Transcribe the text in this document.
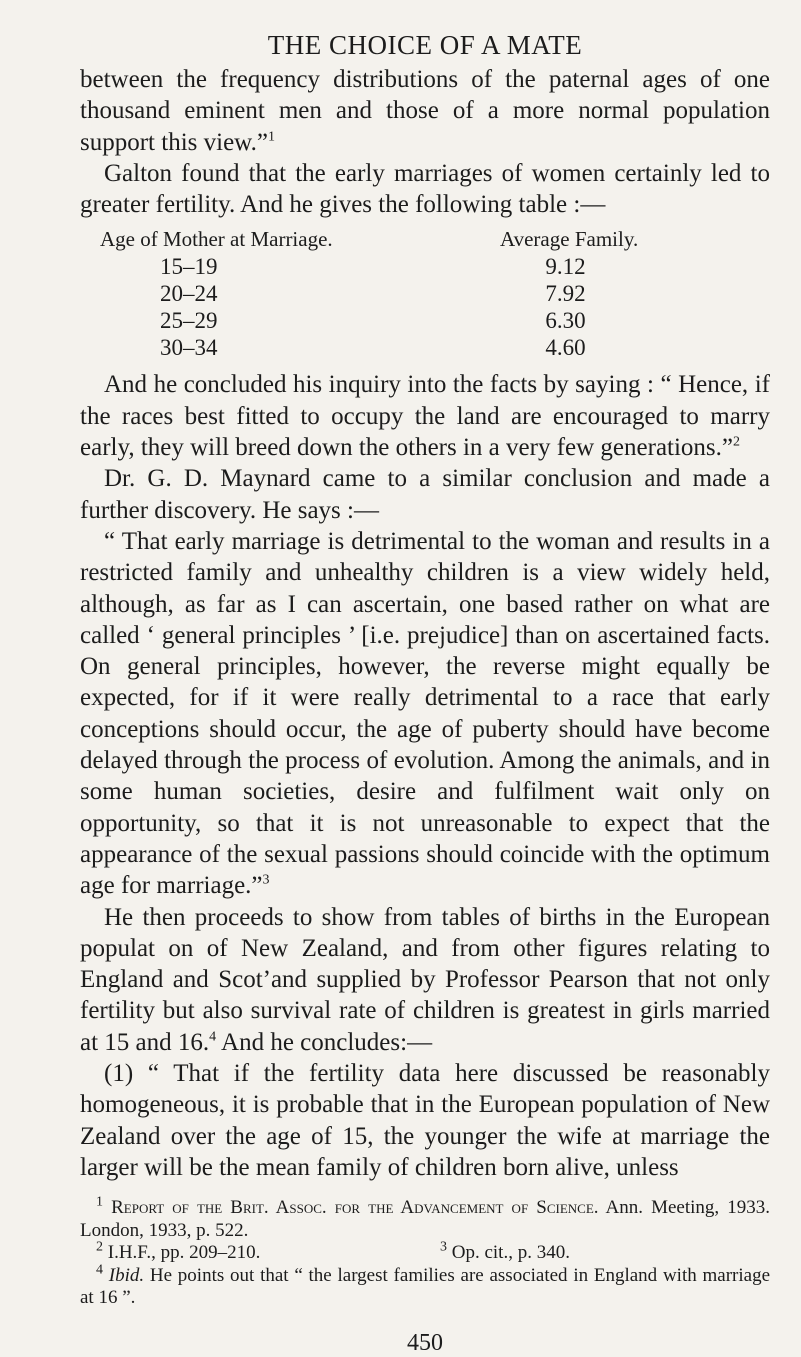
THE CHOICE OF A MATE

between the frequency distributions of the paternal ages of one thousand eminent men and those of a more normal population support this view.”$^1$

Galton found that the early marriages of women certainly led to greater fertility. And he gives the following table :—

Age of Mother at Marriage.	Average Family.
15–19	9.12
20–24	7.92
25–29	6.30
30–34	4.60

And he concluded his inquiry into the facts by saying : “ Hence, if the races best fitted to occupy the land are encouraged to marry early, they will breed down the others in a very few generations.”$^2$

Dr. G. D. Maynard came to a similar conclusion and made a further discovery. He says :—

“ That early marriage is detrimental to the woman and results in a restricted family and unhealthy children is a view widely held, although, as far as I can ascertain, one based rather on what are called ‘ general principles ’ [i.e. prejudice] than on ascertained facts. On general principles, however, the reverse might equally be expected, for if it were really detrimental to a race that early conceptions should occur, the age of puberty should have become delayed through the process of evolution. Among the animals, and in some human societies, desire and fulfilment wait only on opportunity, so that it is not unreasonable to expect that the appearance of the sexual passions should coincide with the optimum age for marriage.”$^3$

He then proceeds to show from tables of births in the European populat on of New Zealand, and from other figures relating to England and Scot’and supplied by Professor Pearson that not only fertility but also survival rate of children is greatest in girls married at 15 and 16.$^4$ And he concludes:—

(1) “ That if the fertility data here discussed be reasonably homogeneous, it is probable that in the European population of New Zealand over the age of 15, the younger the wife at marriage the larger will be the mean family of children born alive, unless

$^1$ Report of the Brit. Assoc. for the Advancement of Science. Ann. Meeting, 1933. London, 1933, p. 522.

$^2$ I.H.F., pp. 209–210.	$^3$ Op. cit., p. 340.

$^4$ Ibid. He points out that “ the largest families are associated in England with marriage at 16 ”.

450
